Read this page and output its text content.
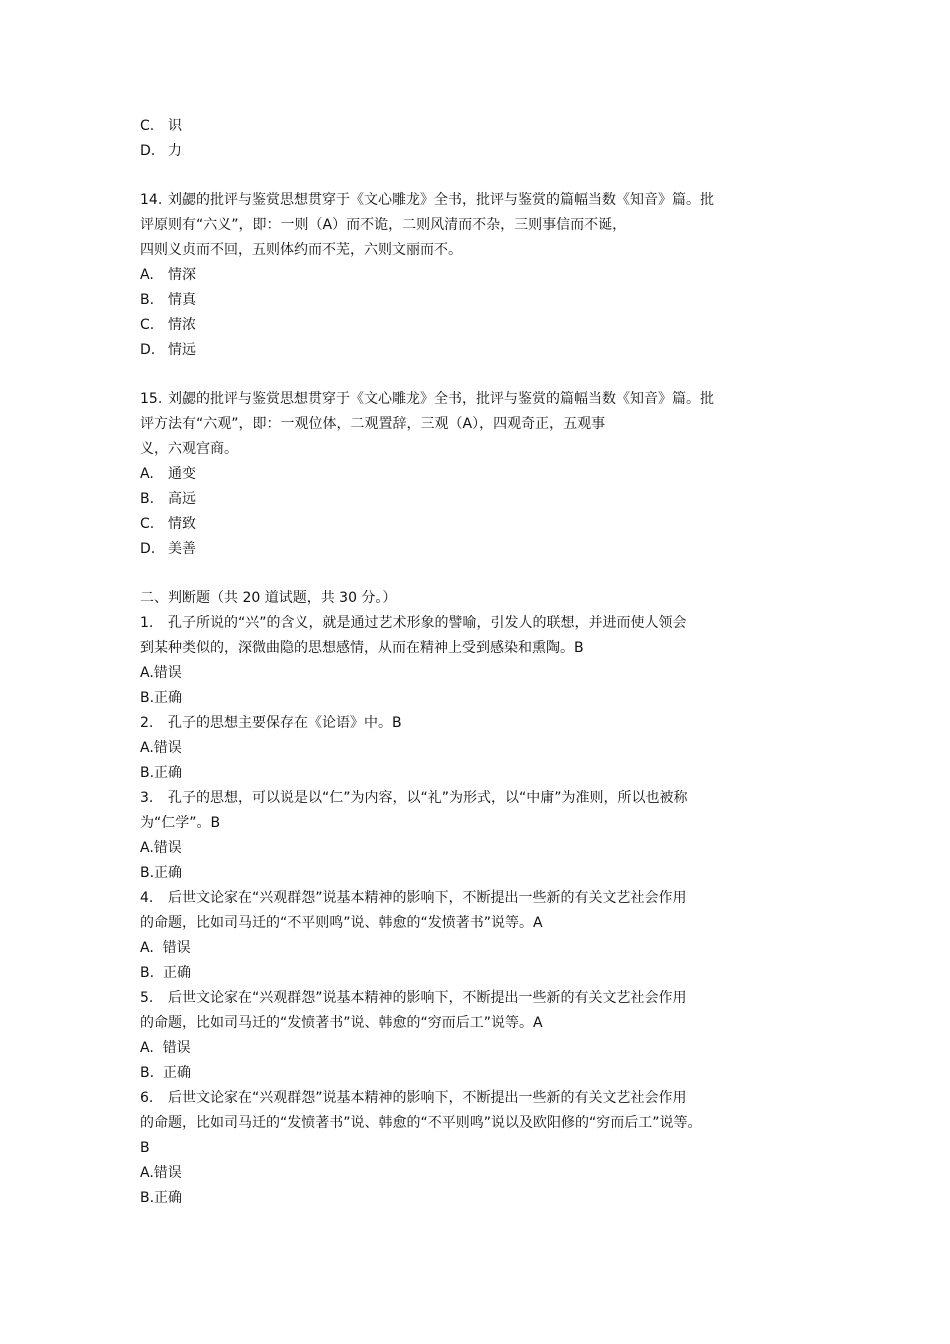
C. 识
D. 力
14. 刘勰的批评与鉴赏思想贯穿于《文心雕龙》全书，批评与鉴赏的篇幅当数《知音》篇。批
评原则有“六义”，即：一则（A）而不诡，二则风清而不杂，三则事信而不诞，
四则义贞而不回，五则体约而不芜，六则文丽而不。
A. 情深
B. 情真
C. 情浓
D. 情远
15. 刘勰的批评与鉴赏思想贯穿于《文心雕龙》全书，批评与鉴赏的篇幅当数《知音》篇。批
评方法有“六观”，即：一观位体，二观置辞，三观（A），四观奇正，五观事
义，六观宫商。
A. 通变
B. 高远
C. 情致
D. 美善
二、判断题（共 20 道试题，共 30 分。）
1. 孔子所说的“兴”的含义，就是通过艺术形象的譬喻，引发人的联想，并进而使人领会
到某种类似的，深微曲隐的思想感情，从而在精神上受到感染和熏陶。B
A.错误
B.正确
2. 孔子的思想主要保存在《论语》中。B
A.错误
B.正确
3. 孔子的思想，可以说是以“仁”为内容，以“礼”为形式，以“中庸”为准则，所以也被称
为“仁学”。B
A.错误
B.正确
4. 后世文论家在“兴观群怨”说基本精神的影响下，不断提出一些新的有关文艺社会作用
的命题，比如司马迁的“不平则鸣”说、韩愈的“发愤著书”说等。A
A.  错误
B.  正确
5. 后世文论家在“兴观群怨”说基本精神的影响下，不断提出一些新的有关文艺社会作用
的命题，比如司马迁的“发愤著书”说、韩愈的“穷而后工”说等。A
A.  错误
B.  正确
6. 后世文论家在“兴观群怨”说基本精神的影响下，不断提出一些新的有关文艺社会作用
的命题，比如司马迁的“发愤著书”说、韩愈的“不平则鸣”说以及欧阳修的“穷而后工”说等。
B
A.错误
B.正确
